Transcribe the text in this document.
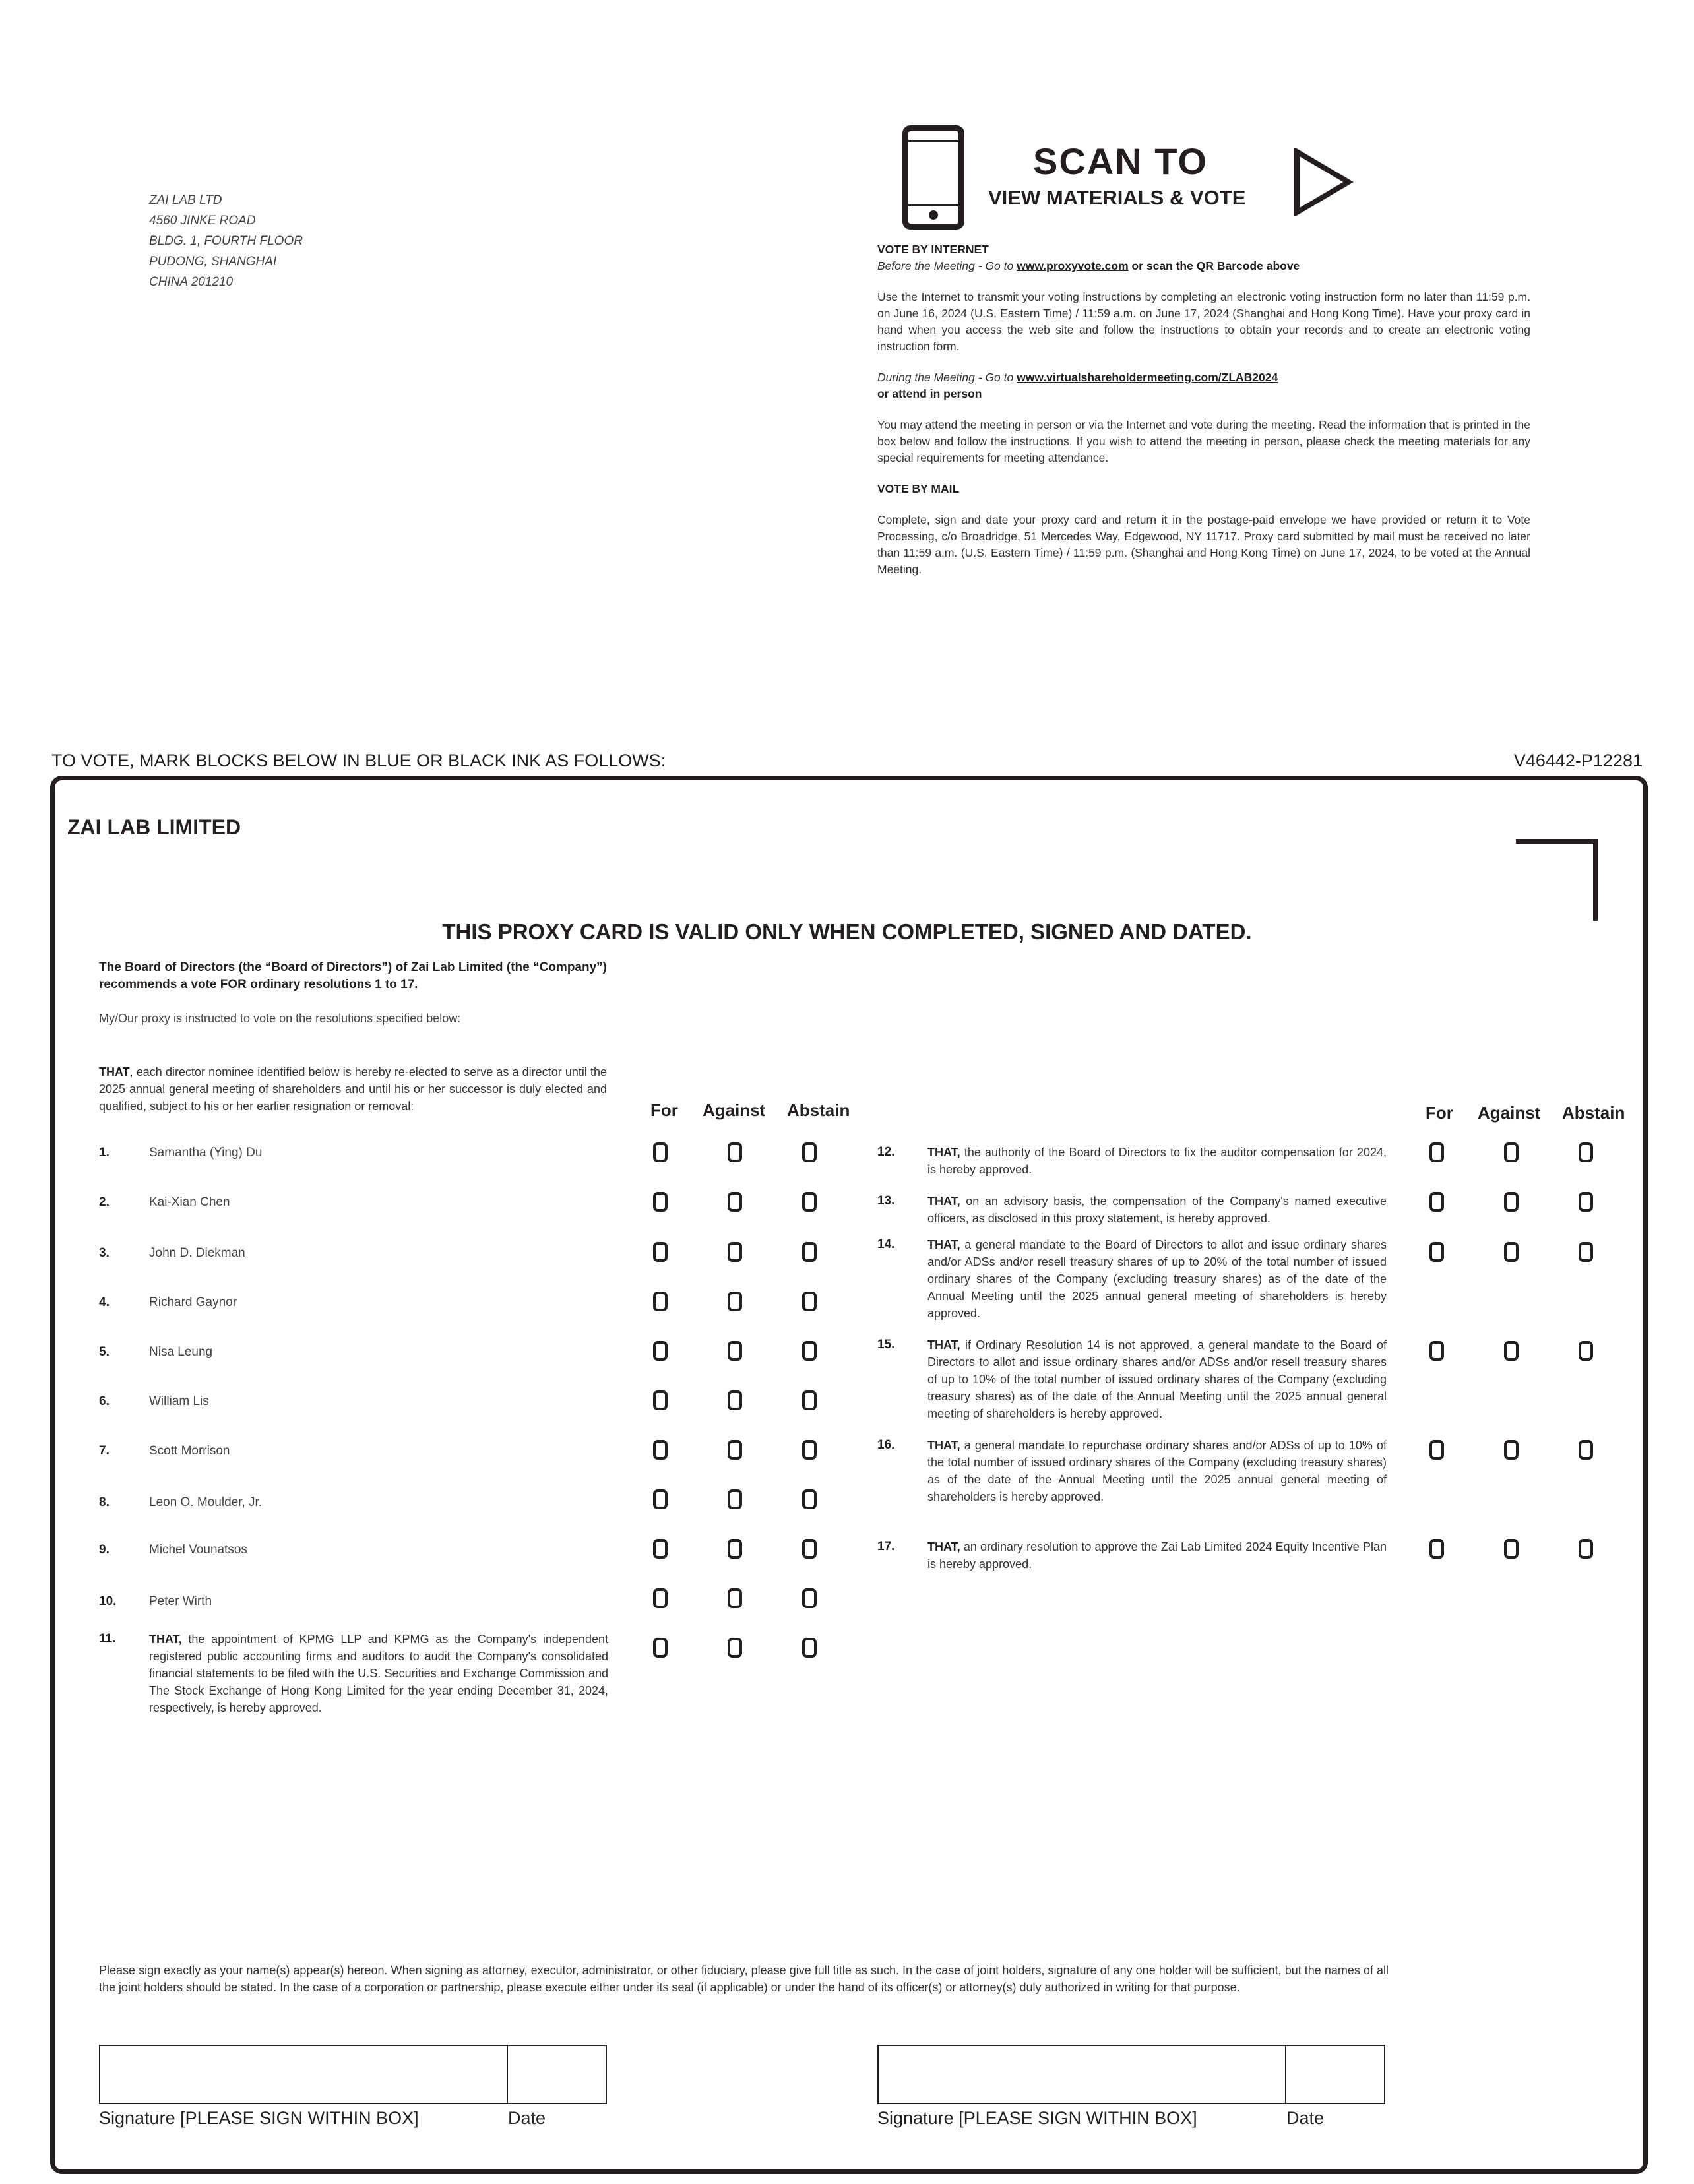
ZAI LAB LTD
4560 JINKE ROAD
BLDG. 1, FOURTH FLOOR
PUDONG, SHANGHAI
CHINA 201210
SCAN TO
VIEW MATERIALS & VOTE
VOTE BY INTERNET
Before the Meeting - Go to www.proxyvote.com or scan the QR Barcode above

Use the Internet to transmit your voting instructions by completing an electronic voting instruction form no later than 11:59 p.m. on June 16, 2024 (U.S. Eastern Time) / 11:59 a.m. on June 17, 2024 (Shanghai and Hong Kong Time). Have your proxy card in hand when you access the web site and follow the instructions to obtain your records and to create an electronic voting instruction form.

During the Meeting - Go to www.virtualshareholdermeeting.com/ZLAB2024
or attend in person

You may attend the meeting in person or via the Internet and vote during the meeting. Read the information that is printed in the box below and follow the instructions. If you wish to attend the meeting in person, please check the meeting materials for any special requirements for meeting attendance.

VOTE BY MAIL

Complete, sign and date your proxy card and return it in the postage-paid envelope we have provided or return it to Vote Processing, c/o Broadridge, 51 Mercedes Way, Edgewood, NY 11717. Proxy card submitted by mail must be received no later than 11:59 a.m. (U.S. Eastern Time) / 11:59 p.m. (Shanghai and Hong Kong Time) on June 17, 2024, to be voted at the Annual Meeting.

TO VOTE, MARK BLOCKS BELOW IN BLUE OR BLACK INK AS FOLLOWS:	V46442-P12281
ZAI LAB LIMITED
THIS PROXY CARD IS VALID ONLY WHEN COMPLETED, SIGNED AND DATED.
The Board of Directors (the “Board of Directors”) of Zai Lab Limited (the “Company”) recommends a vote FOR ordinary resolutions 1 to 17.
My/Our proxy is instructed to vote on the resolutions specified below:
THAT, each director nominee identified below is hereby re-elected to serve as a director until the 2025 annual general meeting of shareholders and until his or her successor is duly elected and qualified, subject to his or her earlier resignation or removal:	For Against Abstain	For Against Abstain
1.	Samantha (Ying) Du
2.	Kai-Xian Chen
3.	John D. Diekman
4.	Richard Gaynor
5.	Nisa Leung
6.	William Lis
7.	Scott Morrison
8.	Leon O. Moulder, Jr.
9.	Michel Vounatsos
10.	Peter Wirth
11.	THAT, the appointment of KPMG LLP and KPMG as the Company's independent registered public accounting firms and auditors to audit the Company's consolidated financial statements to be filed with the U.S. Securities and Exchange Commission and The Stock Exchange of Hong Kong Limited for the year ending December 31, 2024, respectively, is hereby approved.
12.	THAT, the authority of the Board of Directors to fix the auditor compensation for 2024, is hereby approved.
13.	THAT, on an advisory basis, the compensation of the Company's named executive officers, as disclosed in this proxy statement, is hereby approved.
14.	THAT, a general mandate to the Board of Directors to allot and issue ordinary shares and/or ADSs and/or resell treasury shares of up to 20% of the total number of issued ordinary shares of the Company (excluding treasury shares) as of the date of the Annual Meeting until the 2025 annual general meeting of shareholders is hereby approved.
15.	THAT, if Ordinary Resolution 14 is not approved, a general mandate to the Board of Directors to allot and issue ordinary shares and/or ADSs and/or resell treasury shares of up to 10% of the total number of issued ordinary shares of the Company (excluding treasury shares) as of the date of the Annual Meeting until the 2025 annual general meeting of shareholders is hereby approved.
16.	THAT, a general mandate to repurchase ordinary shares and/or ADSs of up to 10% of the total number of issued ordinary shares of the Company (excluding treasury shares) as of the date of the Annual Meeting until the 2025 annual general meeting of shareholders is hereby approved.
17.	THAT, an ordinary resolution to approve the Zai Lab Limited 2024 Equity Incentive Plan is hereby approved.
Please sign exactly as your name(s) appear(s) hereon. When signing as attorney, executor, administrator, or other fiduciary, please give full title as such. In the case of joint holders, signature of any one holder will be sufficient, but the names of all the joint holders should be stated. In the case of a corporation or partnership, please execute either under its seal (if applicable) or under the hand of its officer(s) or attorney(s) duly authorized in writing for that purpose.
Signature [PLEASE SIGN WITHIN BOX]	Date	Signature [PLEASE SIGN WITHIN BOX]	Date
